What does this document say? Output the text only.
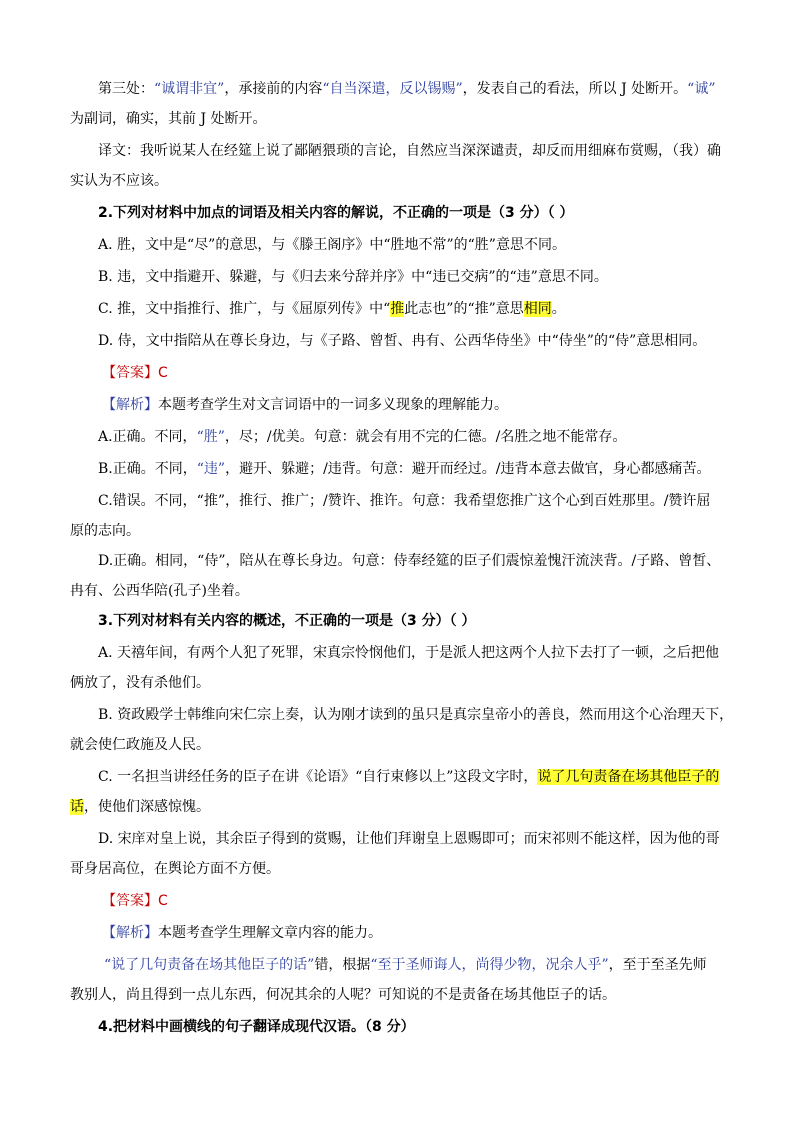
第三处：“诚谓非宜”，承接前的内容“自当深遣，反以锡赐”，发表自己的看法，所以 J 处断开。“诚”
为副词，确实，其前 J 处断开。
译文：我听说某人在经筵上说了鄙陋猥琐的言论，自然应当深深谴责，却反而用细麻布赏赐，（我）确
实认为不应该。
2.下列对材料中加点的词语及相关内容的解说，不正确的一项是（3 分）（ ）
A. 胜，文中是“尽”的意思，与《滕王阁序》中“胜地不常”的“胜”意思不同。
B. 违，文中指避开、躲避，与《归去来兮辞并序》中“违已交病”的“违”意思不同。
C. 推，文中指推行、推广，与《屈原列传》中“推此志也”的“推”意思相同。
D. 侍，文中指陪从在尊长身边，与《子路、曾皙、冉有、公西华侍坐》中“侍坐”的“侍”意思相同。
【答案】C
【解析】本题考查学生对文言词语中的一词多义现象的理解能力。
A.正确。不同，“胜”，尽；/优美。句意：就会有用不完的仁德。/名胜之地不能常存。
B.正确。不同，“违”，避开、躲避；/违背。句意：避开而经过。/违背本意去做官，身心都感痛苦。
C.错误。不同，“推”，推行、推广；/赞许、推许。句意：我希望您推广这个心到百姓那里。/赞许屈
原的志向。
D.正确。相同，“侍”，陪从在尊长身边。句意：侍奉经筵的臣子们震惊羞愧汗流浃背。/子路、曾皙、
冉有、公西华陪(孔子)坐着。
3.下列对材料有关内容的概述，不正确的一项是（3 分）（ ）
A. 天禧年间，有两个人犯了死罪，宋真宗怜悯他们，于是派人把这两个人拉下去打了一顿，之后把他
俩放了，没有杀他们。
B. 资政殿学士韩维向宋仁宗上奏，认为刚才读到的虽只是真宗皇帝小的善良，然而用这个心治理天下，
就会使仁政施及人民。
C. 一名担当讲经任务的臣子在讲《论语》“自行束修以上”这段文字时，说了几句责备在场其他臣子的
话，使他们深感惊愧。
D. 宋庠对皇上说，其余臣子得到的赏赐，让他们拜谢皇上恩赐即可；而宋祁则不能这样，因为他的哥
哥身居高位，在舆论方面不方便。
【答案】C
【解析】本题考查学生理解文章内容的能力。
“说了几句责备在场其他臣子的话”错，根据“至于圣师诲人，尚得少物，况余人乎”，至于至圣先师
教别人，尚且得到一点儿东西，何况其余的人呢？可知说的不是责备在场其他臣子的话。
4.把材料中画横线的句子翻译成现代汉语。（8 分）
